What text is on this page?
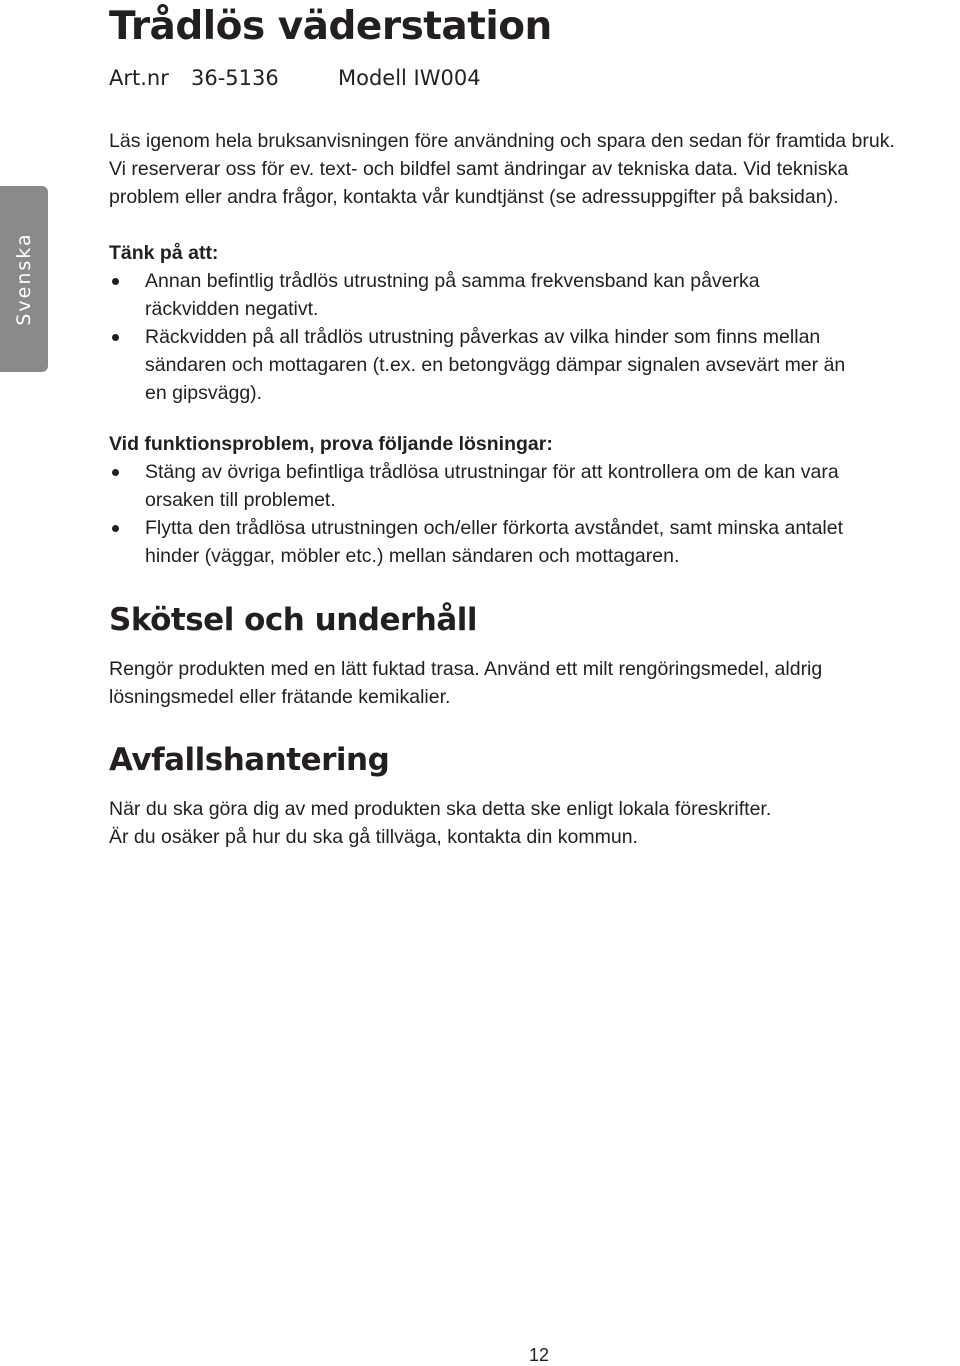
Svenska
Trådlös väderstation
Art.nr 36-5136	Modell IW004

Läs igenom hela bruksanvisningen före användning och spara den sedan för framtida bruk.

Vi reserverar oss för ev. text- och bildfel samt ändringar av tekniska data. Vid tekniska

problem eller andra frågor, kontakta vår kundtjänst (se adressuppgifter på baksidan).

Tänk på att:
Annan befintlig trådlös utrustning på samma frekvensband kan påverka
räckvidden negativt.
Räckvidden på all trådlös utrustning påverkas av vilka hinder som finns mellan
sändaren och mottagaren (t.ex. en betongvägg dämpar signalen avsevärt mer än
en gipsvägg).
Vid funktionsproblem, prova följande lösningar:
Stäng av övriga befintliga trådlösa utrustningar för att kontrollera om de kan vara
orsaken till problemet.
Flytta den trådlösa utrustningen och/eller förkorta avståndet, samt minska antalet
hinder (väggar, möbler etc.) mellan sändaren och mottagaren.
Skötsel och underhåll

Rengör produkten med en lätt fuktad trasa. Använd ett milt rengöringsmedel, aldrig

lösningsmedel eller frätande kemikalier.

Avfallshantering

När du ska göra dig av med produkten ska detta ske enligt lokala föreskrifter.

Är du osäker på hur du ska gå tillväga, kontakta din kommun.

12
